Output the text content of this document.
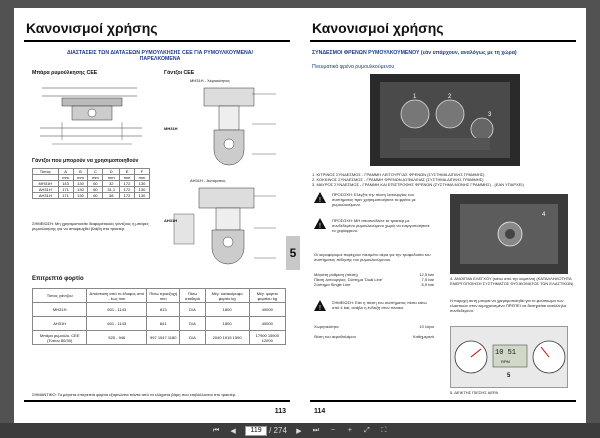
Κανονισμοί χρήσης
ΔΙΑΣΤΑΣΕΙΣ ΤΩΝ ΔΙΑΤΑΞΕΩΝ ΡΥΜΟΥΛΚΗΣΗΣ CEE ΓΙΑ ΡΥΜΟΥΛΚΟΥΜΕΝΑ/
ΠΑΡΕΛΚΟΜΕΝΑ
Μπάρα ρυμούλκησης CEE	Γάντζοι CEE
MH31H - Χειροκίνητος
MH31H
Γάντζοι που μπορούν να χρησιμοποιηθούν
Τύπος	A	B	C	D	E	F
	mm	mm	mm	mm	mm	mm
MH31H	143	130	60	32	172	130
AH31H	171	130	60	31,1	172	130
AH31H	171	130	60	38	172	130
AH31H - Αυτόματος
AH31H
ΣΗΜΕΙΩΣΗ: Μη χρησιμοποιείτε διαφορετικούς γάντζους ή μπάρες ρυμούλκησης για να αποφευχθεί βλάβη στο τρακτέρ.
Επιτρεπτό φορτίο
Τύπος γάντζου	Απόσταση από το έδαφος από - έως mm	Πίσω προεξοχή mm	Πίσω σταθερά	Μέγ. κατακόρυφο φορτίο kg	Μέγ. φορτίο φορτίου kg
MH31H	601 - 1143	813	D/A	1800	40000
AH31H	601 - 1143	841	D/A	1800	40000
Μπάρα ρυμούλκ. CEE (Τύπου 80/30)	525 - 946	997 1047 1180	D/A	2040 1915 1590	17900 15900 12000
ΣΗΜΑΝΤΙΚΟ: Τα μέγιστα επιτρεπτά φορτία εξαρτώνται πάντα από τα ελάχιστα βάρη που επιβάλλονται στο τρακτέρ.
113
5
Κανονισμοί χρήσης
ΣΥΝΔΕΣΜΟΙ ΦΡΕΝΩΝ ΡΥΜΟΥΛΚΟΥΜΕΝΟΥ (εάν υπάρχουν, αναλόγως με τη χώρα)
Πνευματικά φρένα ρυμουλκούμενου
1	2
3
1. ΚΙΤΡΙΝΟΣ ΣΥΝΔΕΣΜΟΣ - ΓΡΑΜΜΗ ΛΕΙΤΟΥΡΓΙΑΣ ΦΡΕΝΩΝ (ΣΥΣΤΗΜΑ ΔΙΠΛΗΣ ΓΡΑΜΜΗΣ)
2. ΚΟΚΚΙΝΟΣ ΣΥΝΔΕΣΜΟΣ - ΓΡΑΜΜΗ ΦΡΕΝΩΝ ΑΣΦΑΛΕΙΑΣ (ΣΥΣΤΗΜΑ ΔΙΠΛΗΣ ΓΡΑΜΜΗΣ)
3. ΜΑΥΡΟΣ ΣΥΝΔΕΣΜΟΣ - ΓΡΑΜΜΗ ΚΑΙ ΕΠΙΣΤΡΟΦΗΣ ΦΡΕΝΩΝ (ΣΥΣΤΗΜΑ ΜΟΝΗΣ ΓΡΑΜΜΗΣ) - (ΕΑΝ ΥΠΑΡΧΕΙ)
!
ΠΡΟΣΟΧΗ: Ελέγξτε την πίεση λειτουργίας του συστήματος πριν χρησιμοποιήσετε τα φρένα με ρυμουλκούμενο.
!
ΠΡΟΣΟΧΗ: ΜΗ αποσυνδέετε το τρακτέρ με συνδεδεμένο ρυμουλκούμενο χωρίς να ενεργοποιήσετε το χειρόφρενο.
Οι αεροφόρομοι παρέχουν πιεσμένο αέρα για την τροφοδοσία του συστήματος πέδησης του ρυμουλκούμενου.
Μέγιστη ρύθμιση (πίεση)	12,5 bar
Πίεση λειτουργίας: Σύστημα 'Dual Line'	7,5 bar
Σύστημα Single Line	5,9 bar
!
ΣΗΜΕΙΩΣΗ: Εάν η πίεση του συστήματος πέσει κάτω από 4 bar, ανάβει η ένδειξη στον πίνακα.
Χωρητικότητα	10 λίτρα
Θέση του αεροθαλάμου	Καθημερινά
4
4. ΑΝΟΙΓΜΑ ΕΛΕΓΧΟΥ (κάτω από την καμπίνα) (ΚΑΤΑΛΛΗΛΟΤΗΤΑ ΕΝΕΡΓΟΠΟΙΗΣΗ ΣΥΣΤΗΜΑΤΟΣ ΦΥΣΙΚΟΜΑΤΟΣ ΤΩΝ ΕΛΑΣΤΙΚΩΝ)
Η παροχή αυτή μπορεί να χρησιμοποιηθεί για το φούσκωμα των ελαστικών στον εκμηχανισμένο ΠΡΕΠΕΙ να διατηρείται κατάλληλα συνδεδεμένο.
10 51
RPM
5
5. ΔΕΙΚΤΗΣ ΠΙΕΣΗΣ ΑΕΡΑ
114
⏮	◀
119	/ 274	▶	⏭	−	+	⤢	⛶
